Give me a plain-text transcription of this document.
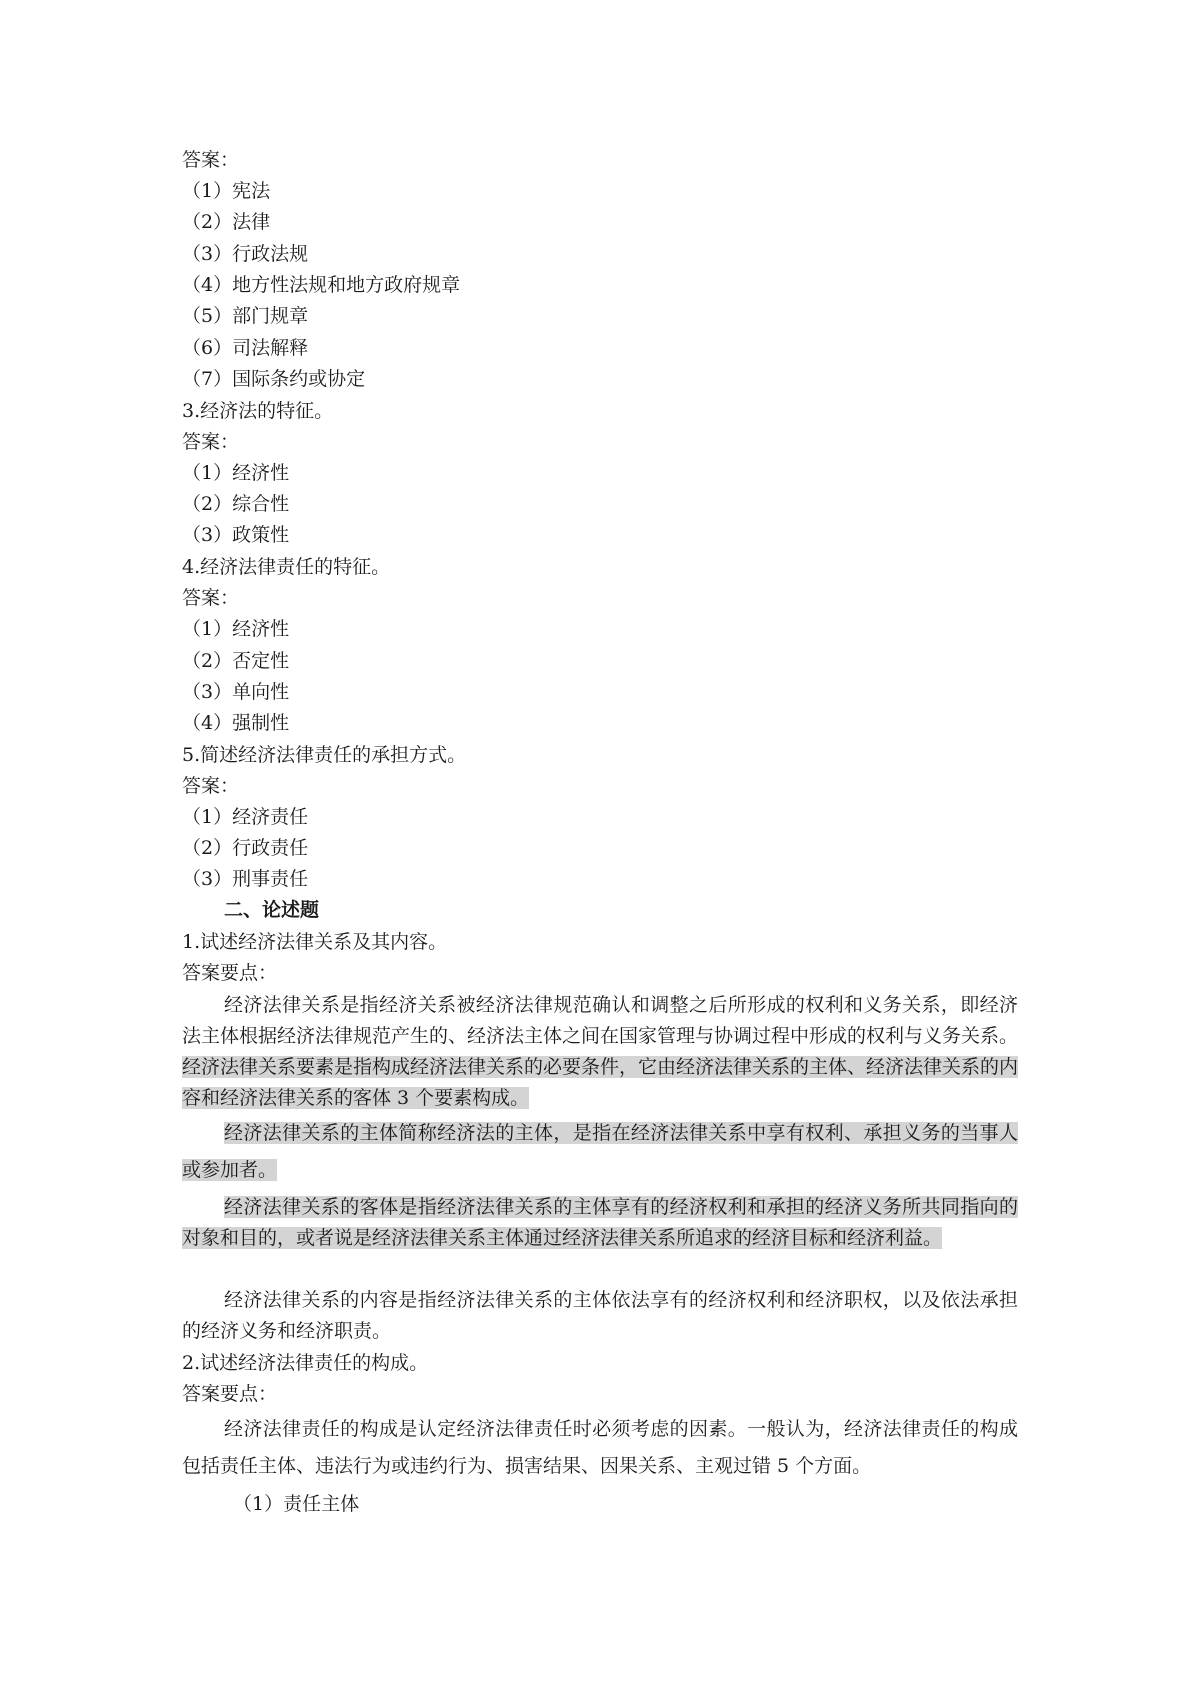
答案：
（1）宪法
（2）法律
（3）行政法规
（4）地方性法规和地方政府规章
（5）部门规章
（6）司法解释
（7）国际条约或协定
3.经济法的特征。
答案：
（1）经济性
（2）综合性
（3）政策性
4.经济法律责任的特征。
答案：
（1）经济性
（2）否定性
（3）单向性
（4）强制性
5.简述经济法律责任的承担方式。
答案：
（1）经济责任
（2）行政责任
（3）刑事责任
二、论述题
1.试述经济法律关系及其内容。
答案要点：

经济法律关系是指经济关系被经济法律规范确认和调整之后所形成的权利和义务关系，即经济法主体根据经济法律规范产生的、经济法主体之间在国家管理与协调过程中形成的权利与义务关系。经济法律关系要素是指构成经济法律关系的必要条件，它由经济法律关系的主体、经济法律关系的内容和经济法律关系的客体 3 个要素构成。

经济法律关系的主体简称经济法的主体，是指在经济法律关系中享有权利、承担义务的当事人或参加者。

经济法律关系的客体是指经济法律关系的主体享有的经济权利和承担的经济义务所共同指向的对象和目的，或者说是经济法律关系主体通过经济法律关系所追求的经济目标和经济利益。

经济法律关系的内容是指经济法律关系的主体依法享有的经济权利和经济职权，以及依法承担的经济义务和经济职责。

2.试述经济法律责任的构成。
答案要点：

经济法律责任的构成是认定经济法律责任时必须考虑的因素。一般认为，经济法律责任的构成包括责任主体、违法行为或违约行为、损害结果、因果关系、主观过错 5 个方面。

（1）责任主体
